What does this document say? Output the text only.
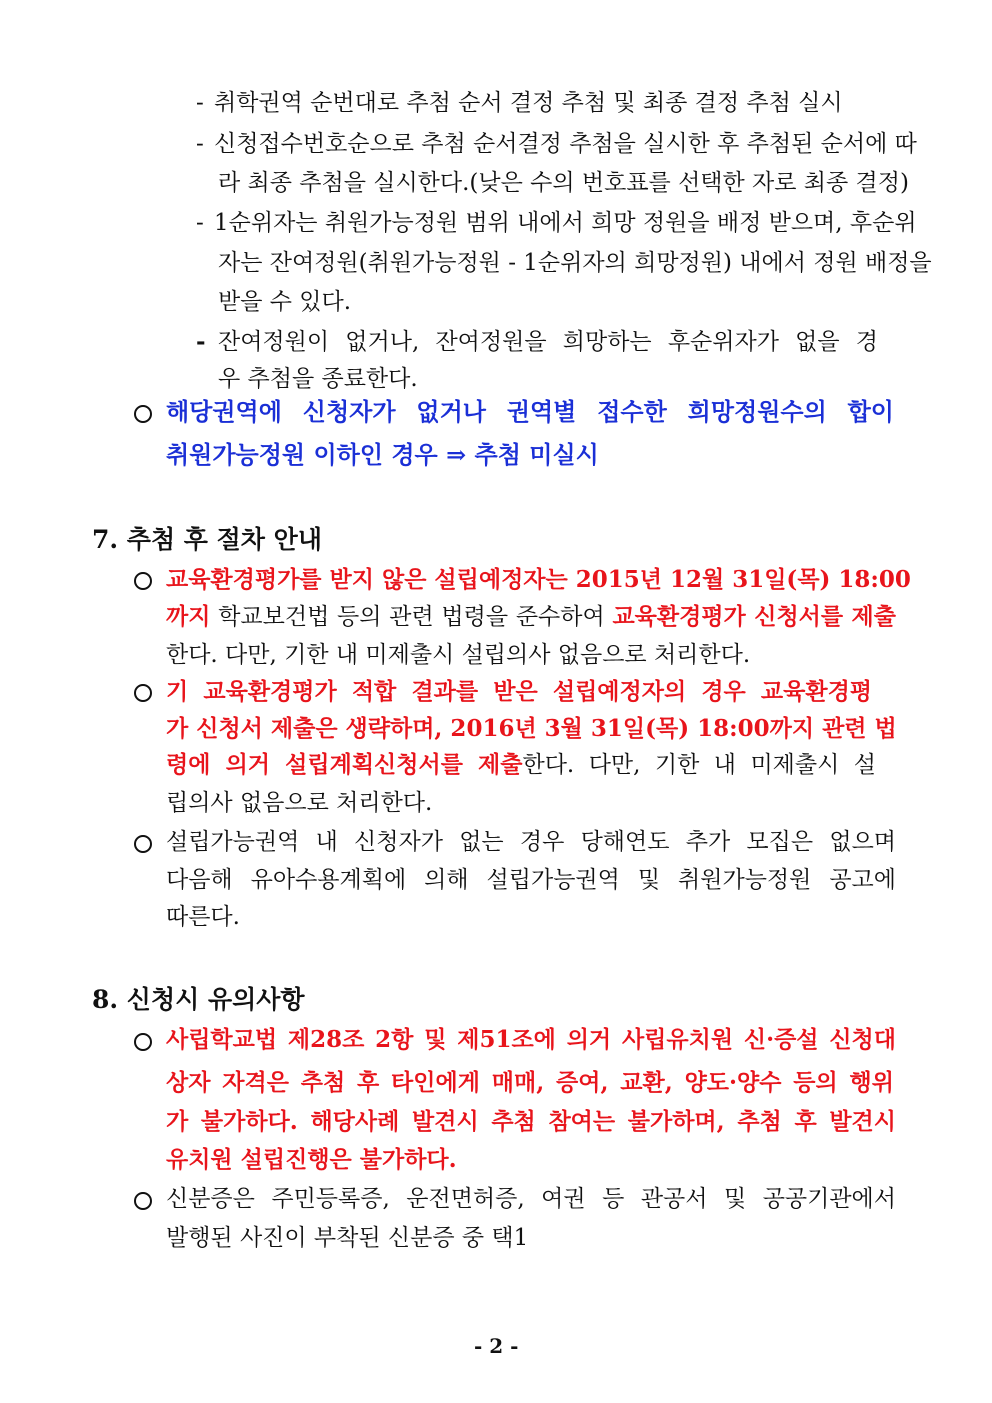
- 취학권역 순번대로 추첨 순서 결정 추첨 및 최종 결정 추첨 실시
- 신청접수번호순으로 추첨 순서결정 추첨을 실시한 후 추첨된 순서에 따
라 최종 추첨을 실시한다.(낮은 수의 번호표를 선택한 자로 최종 결정)
- 1순위자는 취원가능정원 범위 내에서 희망 정원을 배정 받으며, 후순위
자는 잔여정원(취원가능정원 - 1순위자의 희망정원) 내에서 정원 배정을
받을 수 있다.
- 잔여정원이 없거나, 잔여정원을 희망하는 후순위자가 없을 경
우 추첨을 종료한다.
해당권역에 신청자가 없거나 권역별 접수한 희망정원수의 합이
취원가능정원 이하인 경우 ⇒ 추첨 미실시
7. 추첨 후 절차 안내
교육환경평가를 받지 않은 설립예정자는 2015년 12월 31일(목) 18:00
까지 학교보건법 등의 관련 법령을 준수하여 교육환경평가 신청서를 제출
한다. 다만, 기한 내 미제출시 설립의사 없음으로 처리한다.
기 교육환경평가 적합 결과를 받은 설립예정자의 경우 교육환경평
가 신청서 제출은 생략하며, 2016년 3월 31일(목) 18:00까지 관련 법
령에 의거 설립계획신청서를 제출한다. 다만, 기한 내 미제출시 설
립의사 없음으로 처리한다.
설립가능권역 내 신청자가 없는 경우 당해연도 추가 모집은 없으며
다음해 유아수용계획에 의해 설립가능권역 및 취원가능정원 공고에
따른다.
8. 신청시 유의사항
사립학교법 제28조 2항 및 제51조에 의거 사립유치원 신·증설 신청대
상자 자격은 추첨 후 타인에게 매매, 증여, 교환, 양도·양수 등의 행위
가 불가하다. 해당사례 발견시 추첨 참여는 불가하며, 추첨 후 발견시
유치원 설립진행은 불가하다.
신분증은 주민등록증, 운전면허증, 여권 등 관공서 및 공공기관에서
발행된 사진이 부착된 신분증 중 택1
- 2 -
